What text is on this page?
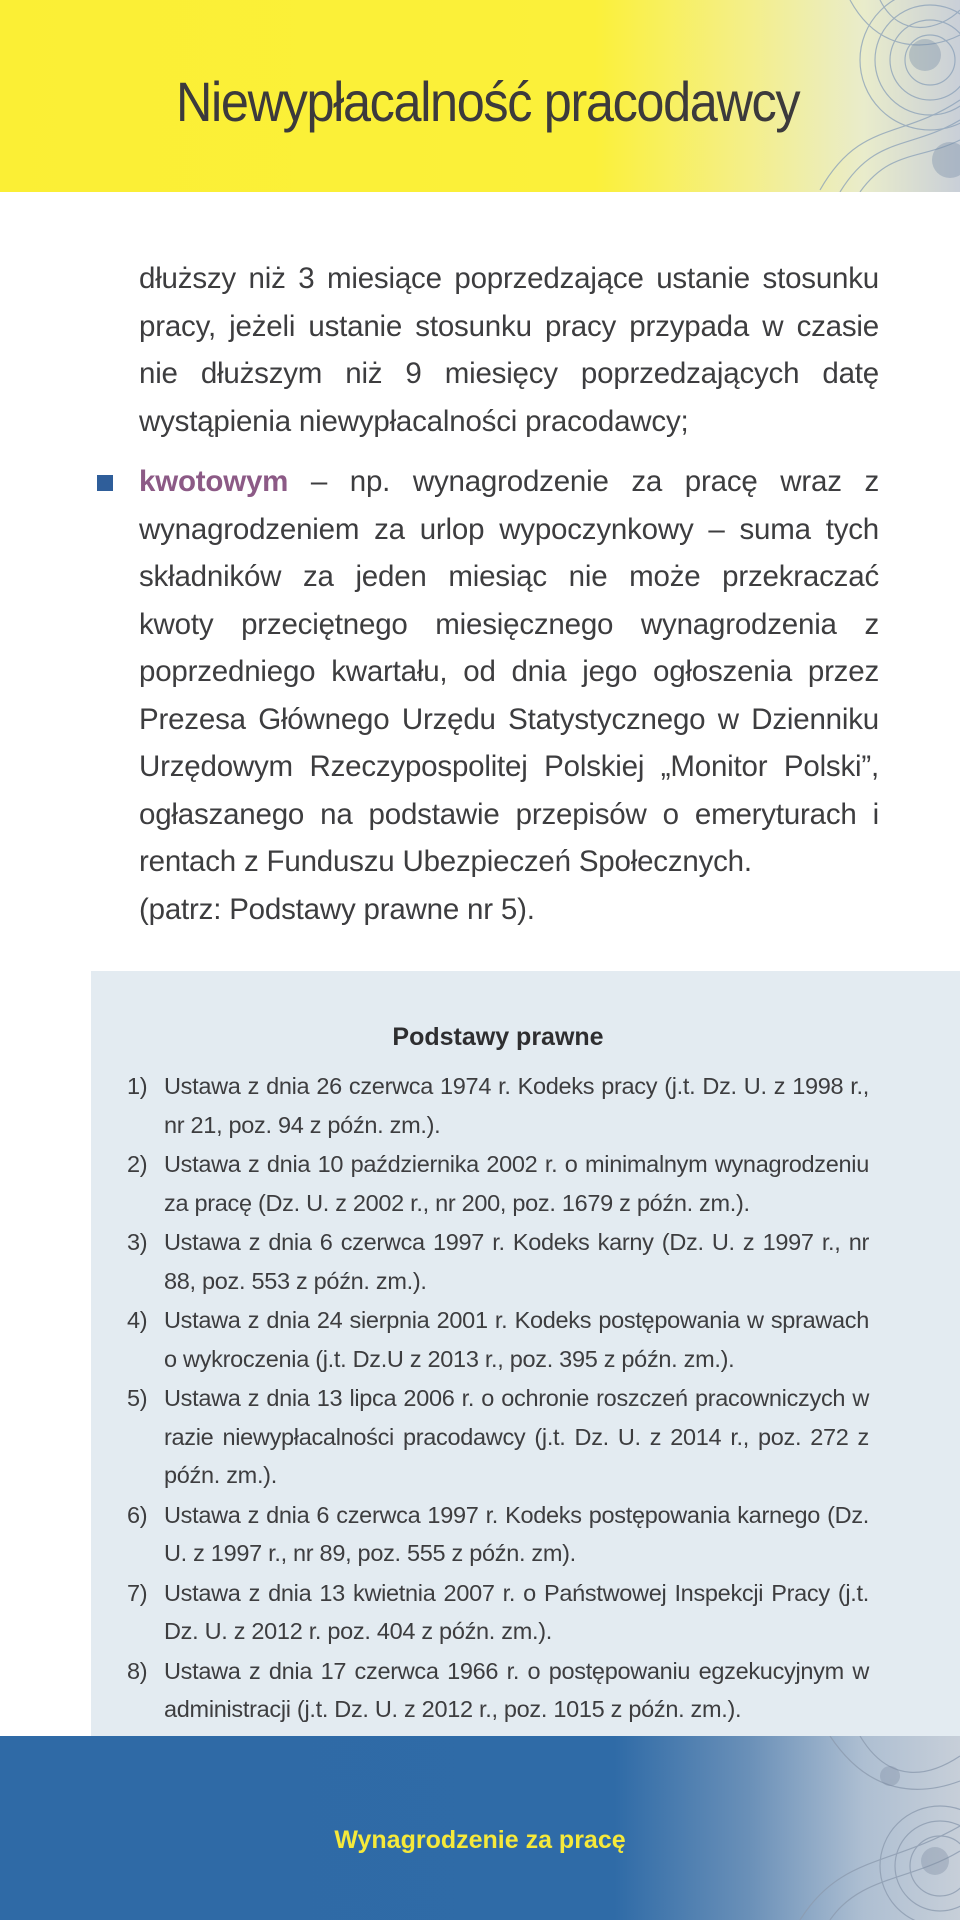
Niewypłacalność pracodawcy

dłuższy niż 3 miesiące poprzedzające ustanie stosunku pracy, jeżeli ustanie stosunku pracy przypada w czasie nie dłuższym niż 9 miesięcy poprzedzających datę wystąpienia niewypłacalności pracodawcy;

kwotowym – np. wynagrodzenie za pracę wraz z wynagrodzeniem za urlop wypoczynkowy – suma tych składników za jeden miesiąc nie może przekraczać kwoty przeciętnego miesięcznego wynagrodzenia z poprzedniego kwartału, od dnia jego ogłoszenia przez Prezesa Głównego Urzędu Statystycznego w Dzienniku Urzędowym Rzeczypospolitej Polskiej „Monitor Polski”, ogłaszanego na podstawie przepisów o emeryturach i rentach z Funduszu Ubezpieczeń Społecznych.

(patrz: Podstawy prawne nr 5).

Podstawy prawne
1) Ustawa z dnia 26 czerwca 1974 r. Kodeks pracy (j.t. Dz. U. z 1998 r., nr 21, poz. 94 z późn. zm.).
2) Ustawa z dnia 10 października 2002 r. o minimalnym wynagrodzeniu za pracę (Dz. U. z 2002 r., nr 200, poz. 1679 z późn. zm.).
3) Ustawa z dnia 6 czerwca 1997 r. Kodeks karny (Dz. U. z 1997 r., nr 88, poz. 553 z późn. zm.).
4) Ustawa z dnia 24 sierpnia 2001 r. Kodeks postępowania w sprawach o wykroczenia (j.t. Dz.U z 2013 r., poz. 395 z późn. zm.).
5) Ustawa z dnia 13 lipca 2006 r. o ochronie roszczeń pracowniczych w razie niewypłacalności pracodawcy (j.t. Dz. U. z 2014 r., poz. 272 z późn. zm.).
6) Ustawa z dnia 6 czerwca 1997 r. Kodeks postępowania karnego (Dz. U. z 1997 r., nr 89, poz. 555 z późn. zm).
7) Ustawa z dnia 13 kwietnia 2007 r. o Państwowej Inspekcji Pracy (j.t. Dz. U. z 2012 r. poz. 404 z późn. zm.).
8) Ustawa z dnia 17 czerwca 1966 r. o postępowaniu egzekucyjnym w administracji (j.t. Dz. U. z 2012 r., poz. 1015 z późn. zm.).
Wynagrodzenie za pracę
